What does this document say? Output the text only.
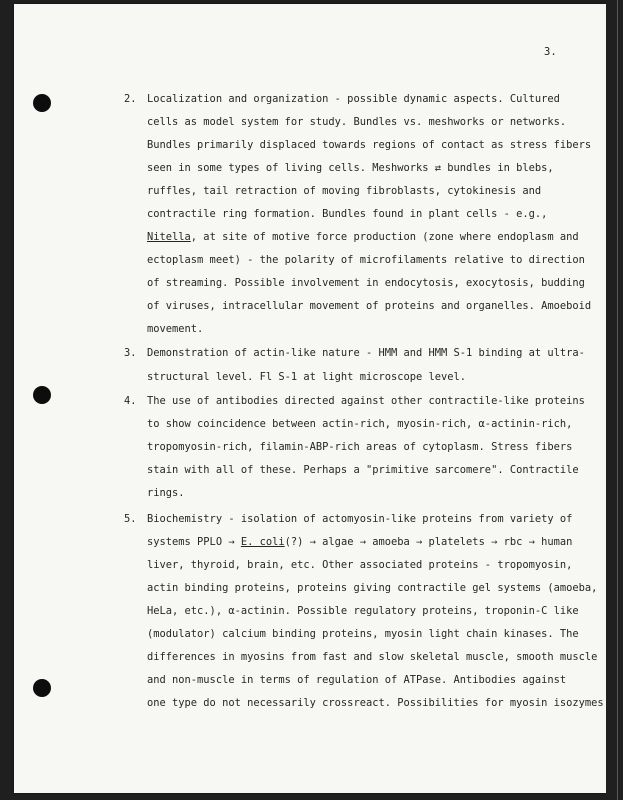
3.
2. Localization and organization - possible dynamic aspects. Cultured
cells as model system for study. Bundles vs. meshworks or networks.
Bundles primarily displaced towards regions of contact as stress fibers
seen in some types of living cells. Meshworks ⇄ bundles in blebs,
ruffles, tail retraction of moving fibroblasts, cytokinesis and
contractile ring formation. Bundles found in plant cells - e.g.,
Nitella, at site of motive force production (zone where endoplasm and
ectoplasm meet) - the polarity of microfilaments relative to direction
of streaming. Possible involvement in endocytosis, exocytosis, budding
of viruses, intracellular movement of proteins and organelles. Amoeboid
movement.
3. Demonstration of actin-like nature - HMM and HMM S-1 binding at ultra-
structural level. Fl S-1 at light microscope level.
4. The use of antibodies directed against other contractile-like proteins
to show coincidence between actin-rich, myosin-rich, α-actinin-rich,
tropomyosin-rich, filamin-ABP-rich areas of cytoplasm. Stress fibers
stain with all of these. Perhaps a "primitive sarcomere". Contractile
rings.
5. Biochemistry - isolation of actomyosin-like proteins from variety of
systems PPLO → E. coli(?) → algae → amoeba → platelets → rbc → human
liver, thyroid, brain, etc. Other associated proteins - tropomyosin,
actin binding proteins, proteins giving contractile gel systems (amoeba,
HeLa, etc.), α-actinin. Possible regulatory proteins, troponin-C like
(modulator) calcium binding proteins, myosin light chain kinases. The
differences in myosins from fast and slow skeletal muscle, smooth muscle
and non-muscle in terms of regulation of ATPase. Antibodies against
one type do not necessarily crossreact. Possibilities for myosin isozymes
